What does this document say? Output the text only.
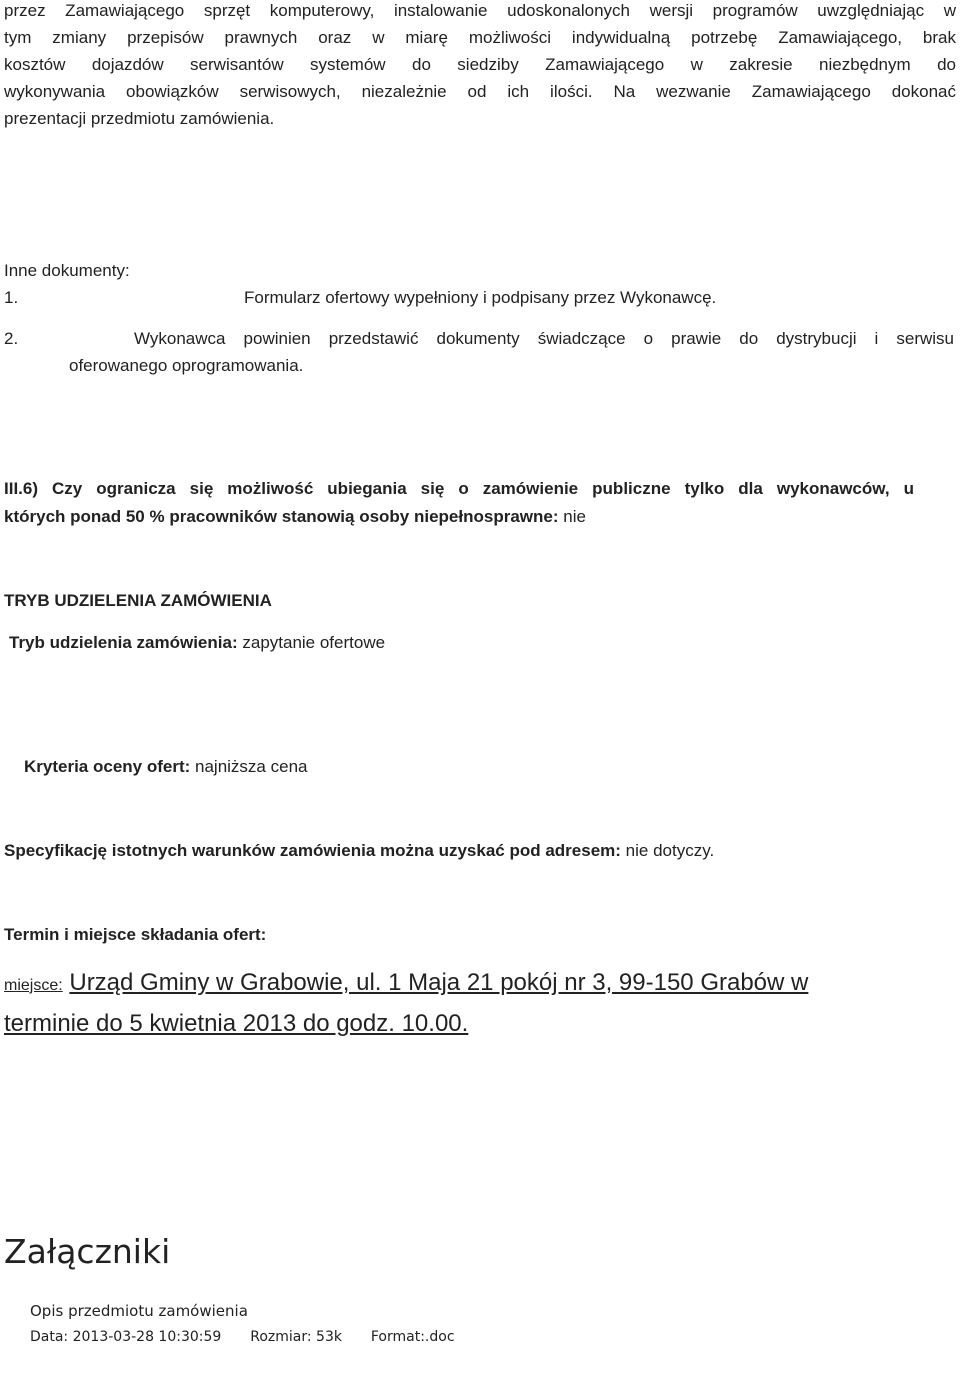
przez Zamawiającego sprzęt komputerowy, instalowanie udoskonalonych wersji programów uwzględniając w
tym zmiany przepisów prawnych oraz w miarę możliwości indywidualną potrzebę Zamawiającego, brak
kosztów dojazdów serwisantów systemów do siedziby Zamawiającego w zakresie niezbędnym do
wykonywania obowiązków serwisowych, niezależnie od ich ilości. Na wezwanie Zamawiającego dokonać
prezentacji przedmiotu zamówienia.
Inne dokumenty:
1.	Formularz ofertowy wypełniony i podpisany przez Wykonawcę.
2.	Wykonawca powinien przedstawić dokumenty świadczące o prawie do dystrybucji i serwisu
oferowanego oprogramowania.
III.6) Czy ogranicza się możliwość ubiegania się o zamówienie publiczne tylko dla wykonawców, u
których ponad 50 % pracowników stanowią osoby niepełnosprawne: nie
TRYB UDZIELENIA ZAMÓWIENIA
Tryb udzielenia zamówienia: zapytanie ofertowe
Kryteria oceny ofert: najniższa cena
Specyfikację istotnych warunków zamówienia można uzyskać pod adresem: nie dotyczy.
Termin i miejsce składania ofert:
miejsce: Urząd Gminy w Grabowie, ul. 1 Maja 21 pokój nr 3, 99-150 Grabów w
terminie do 5 kwietnia 2013 do godz. 10.00.
Załączniki
Opis przedmiotu zamówienia
Data: 2013-03-28 10:30:59 Rozmiar: 53k Format:.doc
